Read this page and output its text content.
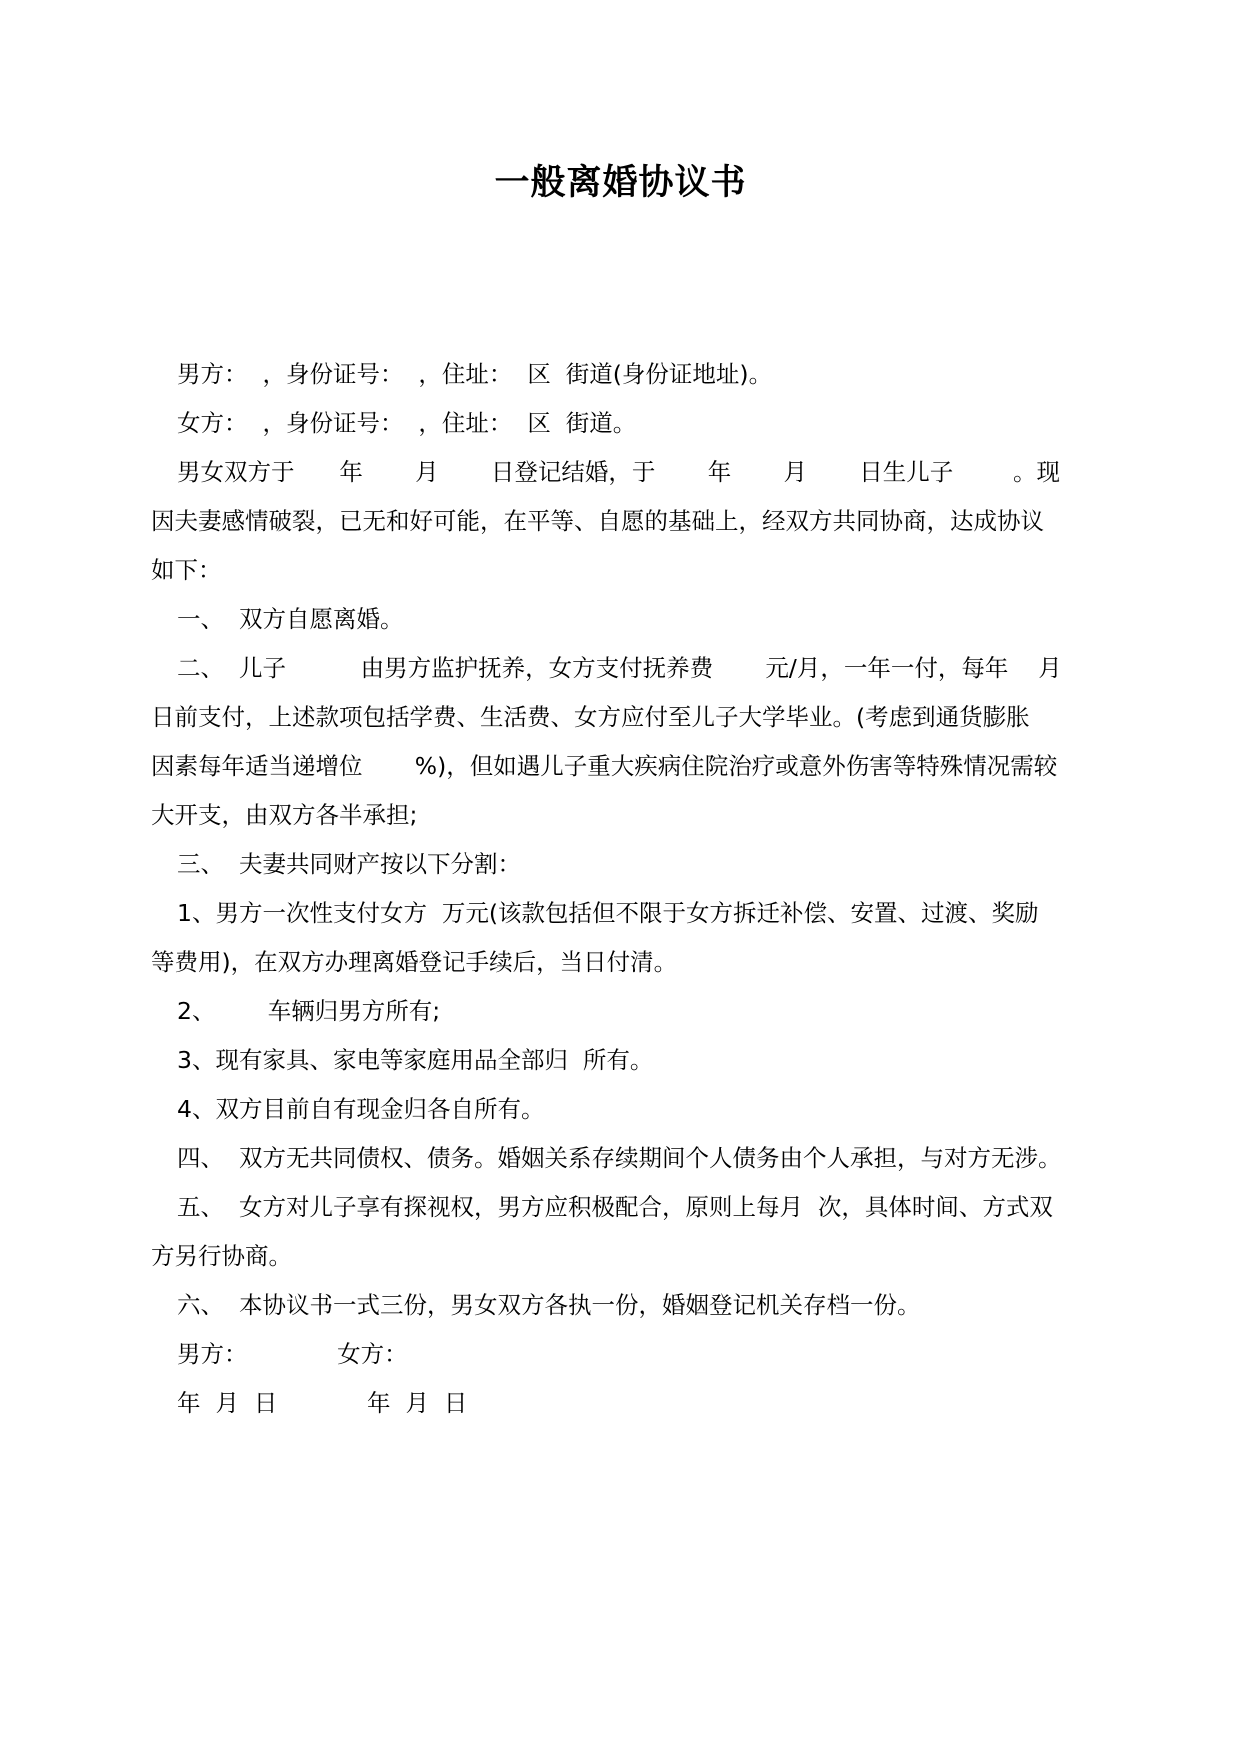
一般离婚协议书

男方：  ，身份证号：  ，住址：  区  街道(身份证地址)。

女方：  ，身份证号：  ，住址：  区  街道。

男女双方于      年       月       日登记结婚，于       年       月       日生儿子        。现

因夫妻感情破裂，已无和好可能，在平等、自愿的基础上，经双方共同协商，达成协议

如下：

一、  双方自愿离婚。

二、  儿子          由男方监护抚养，女方支付抚养费       元/月，一年一付，每年    月

日前支付，上述款项包括学费、生活费、女方应付至儿子大学毕业。(考虑到通货膨胀

因素每年适当递增位       %)，但如遇儿子重大疾病住院治疗或意外伤害等特殊情况需较

大开支，由双方各半承担;

三、  夫妻共同财产按以下分割：

1、男方一次性支付女方  万元(该款包括但不限于女方拆迁补偿、安置、过渡、奖励

等费用)，在双方办理离婚登记手续后，当日付清。

2、       车辆归男方所有;

3、现有家具、家电等家庭用品全部归  所有。

4、双方目前自有现金归各自所有。

四、  双方无共同债权、债务。婚姻关系存续期间个人债务由个人承担，与对方无涉。

五、  女方对儿子享有探视权，男方应积极配合，原则上每月  次，具体时间、方式双

方另行协商。

六、  本协议书一式三份，男女双方各执一份，婚姻登记机关存档一份。

男方：            女方：

年  月  日            年  月  日
